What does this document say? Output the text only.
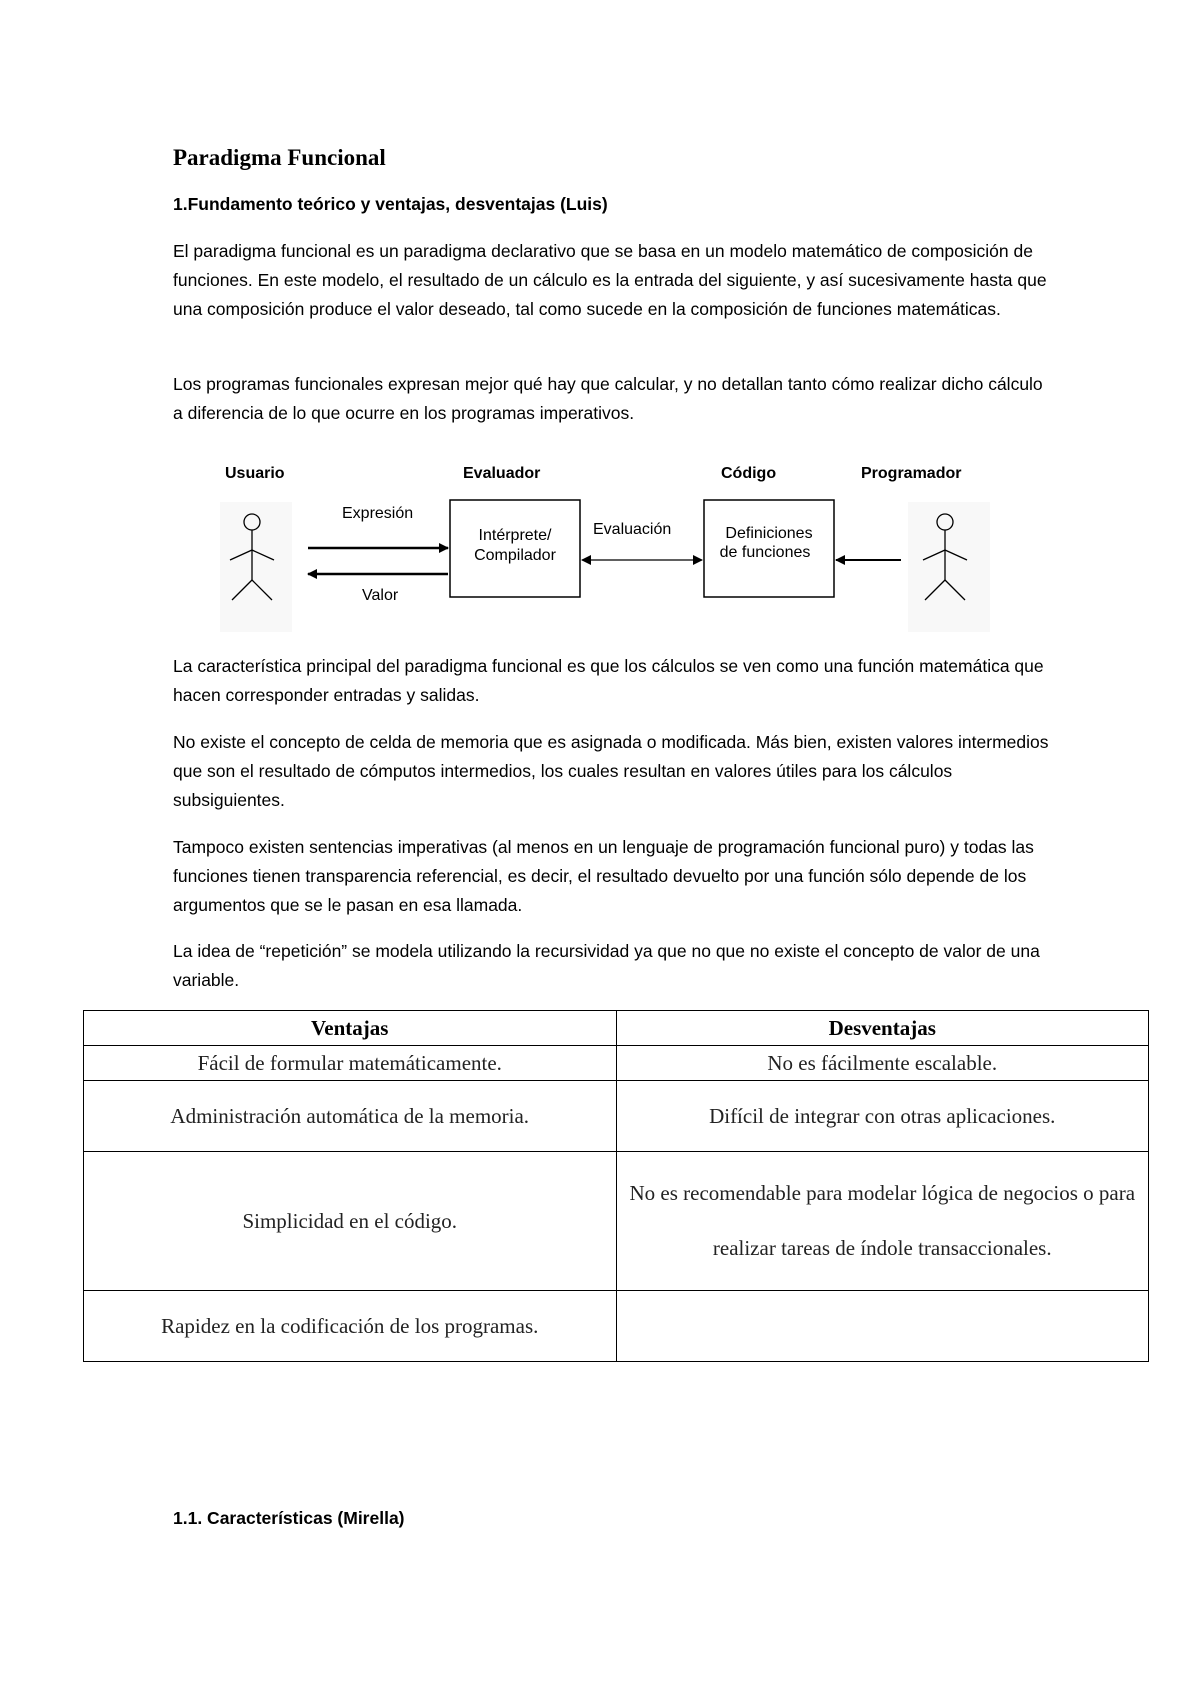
Paradigma Funcional
1.Fundamento teórico y ventajas, desventajas (Luis)

El paradigma funcional es un paradigma declarativo que se basa en un modelo matemático de composición de funciones. En este modelo, el resultado de un cálculo es la entrada del siguiente, y así sucesivamente hasta que una composición produce el valor deseado, tal como sucede en la composición de funciones matemáticas.

Los programas funcionales expresan mejor qué hay que calcular, y no detallan tanto cómo realizar dicho cálculo a diferencia de lo que ocurre en los programas imperativos.

Usuario	Evaluador	Código	Programador
Intérprete/
Compilador
Definiciones
de funciones
Expresión
Valor
Evaluación

La característica principal del paradigma funcional es que los cálculos se ven como una función matemática que hacen corresponder entradas y salidas.

No existe el concepto de celda de memoria que es asignada o modificada. Más bien, existen valores intermedios que son el resultado de cómputos intermedios, los cuales resultan en valores útiles para los cálculos subsiguientes.

Tampoco existen sentencias imperativas (al menos en un lenguaje de programación funcional puro) y todas las funciones tienen transparencia referencial, es decir, el resultado devuelto por una función sólo depende de los argumentos que se le pasan en esa llamada.

La idea de “repetición” se modela utilizando la recursividad ya que no que no existe el concepto de valor de una variable.

Ventajas	Desventajas
Fácil de formular matemáticamente.	No es fácilmente escalable.
Administración automática de la memoria.	Difícil de integrar con otras aplicaciones.
Simplicidad en el código.	No es recomendable para modelar lógica de negocios o para realizar tareas de índole transaccionales.
Rapidez en la codificación de los programas.	
1.1. Características (Mirella)
